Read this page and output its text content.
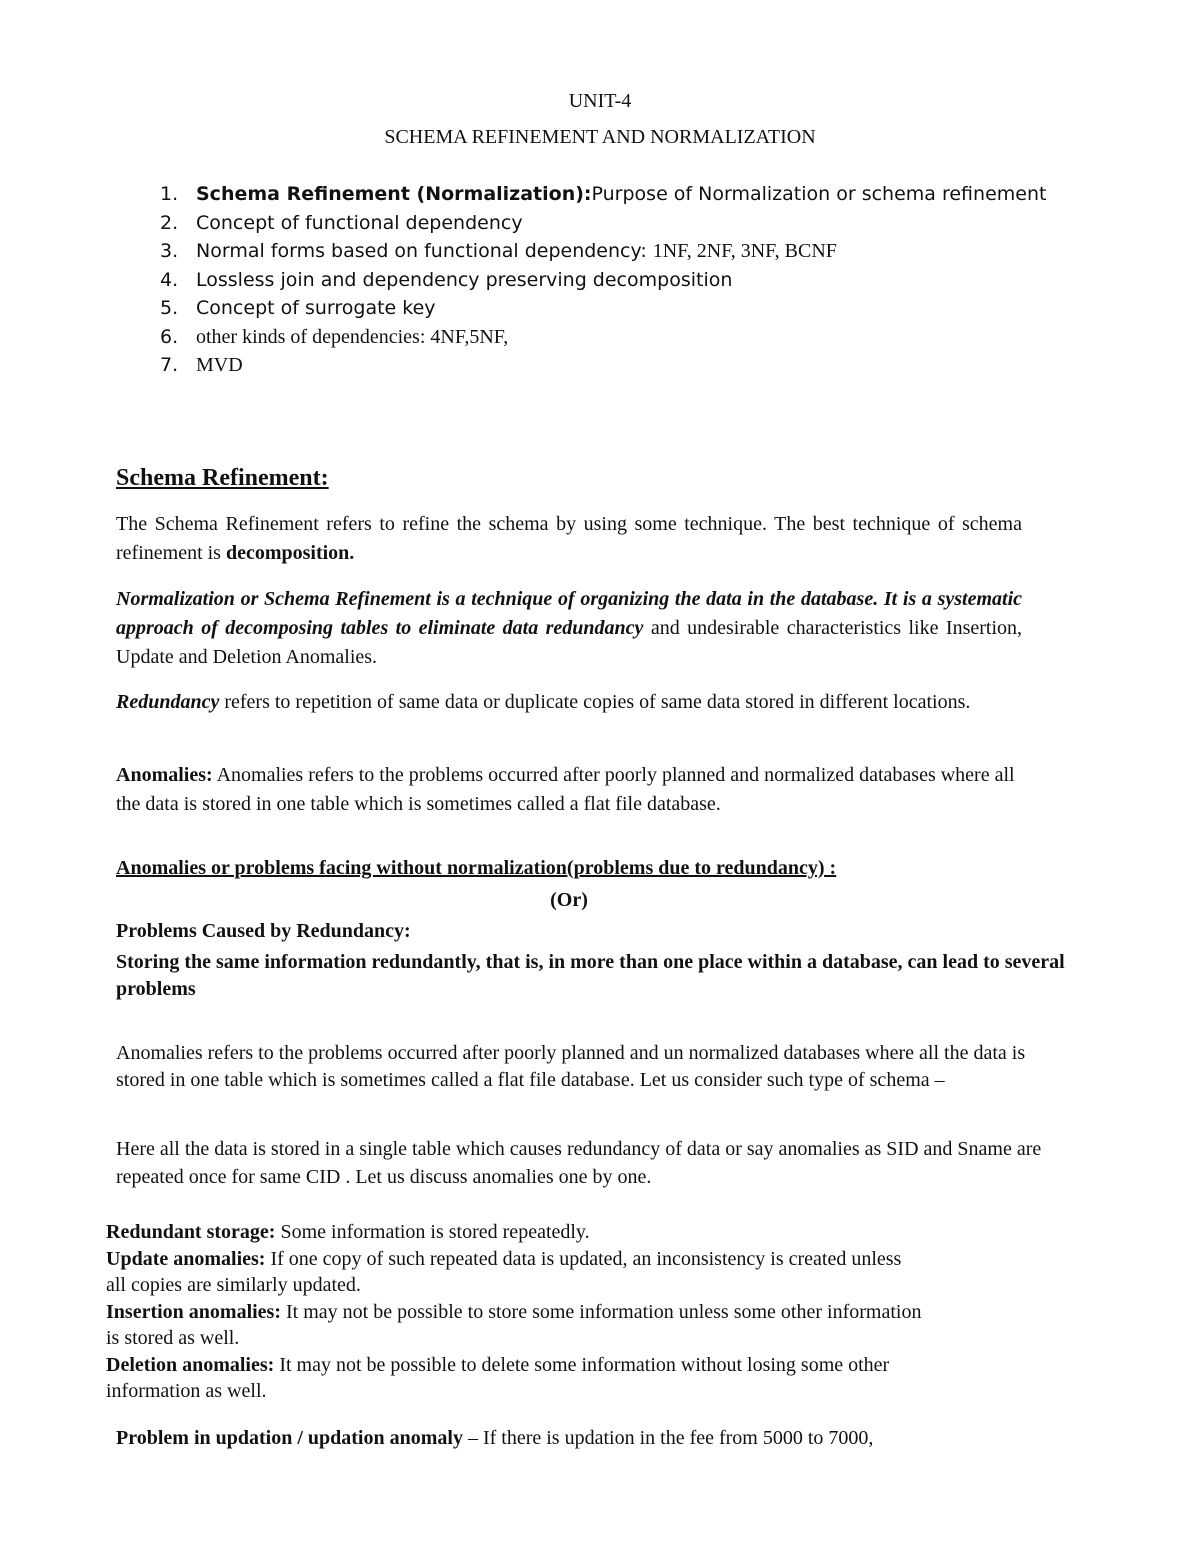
UNIT-4
SCHEMA REFINEMENT AND NORMALIZATION
1. Schema Refinement (Normalization):Purpose of Normalization or schema refinement
2. Concept of functional dependency
3. Normal forms based on functional dependency: 1NF, 2NF, 3NF, BCNF
4. Lossless join and dependency preserving decomposition
5. Concept of surrogate key
6. other kinds of dependencies: 4NF,5NF,
7. MVD
Schema Refinement:

The Schema Refinement refers to refine the schema by using some technique. The best technique of schema refinement is decomposition.

Normalization or Schema Refinement is a technique of organizing the data in the database. It is a systematic approach of decomposing tables to eliminate data redundancy and undesirable characteristics like Insertion, Update and Deletion Anomalies.

Redundancy refers to repetition of same data or duplicate copies of same data stored in different locations.

Anomalies: Anomalies refers to the problems occurred after poorly planned and normalized databases where all the data is stored in one table which is sometimes called a flat file database.

Anomalies or problems facing without normalization(problems due to redundancy) :
(Or)
Problems Caused by Redundancy:
Storing the same information redundantly, that is, in more than one place within a database, can lead to several problems
Anomalies refers to the problems occurred after poorly planned and un normalized databases where all the data is stored in one table which is sometimes called a flat file database. Let us consider such type of schema –
Here all the data is stored in a single table which causes redundancy of data or say anomalies as SID and Sname are repeated once for same CID . Let us discuss anomalies one by one.

Redundant storage: Some information is stored repeatedly.

Update anomalies: If one copy of such repeated data is updated, an inconsistency is created unless

all copies are similarly updated.

Insertion anomalies: It may not be possible to store some information unless some other information

is stored as well.

Deletion anomalies: It may not be possible to delete some information without losing some other

information as well.

Problem in updation / updation anomaly – If there is updation in the fee from 5000 to 7000,
